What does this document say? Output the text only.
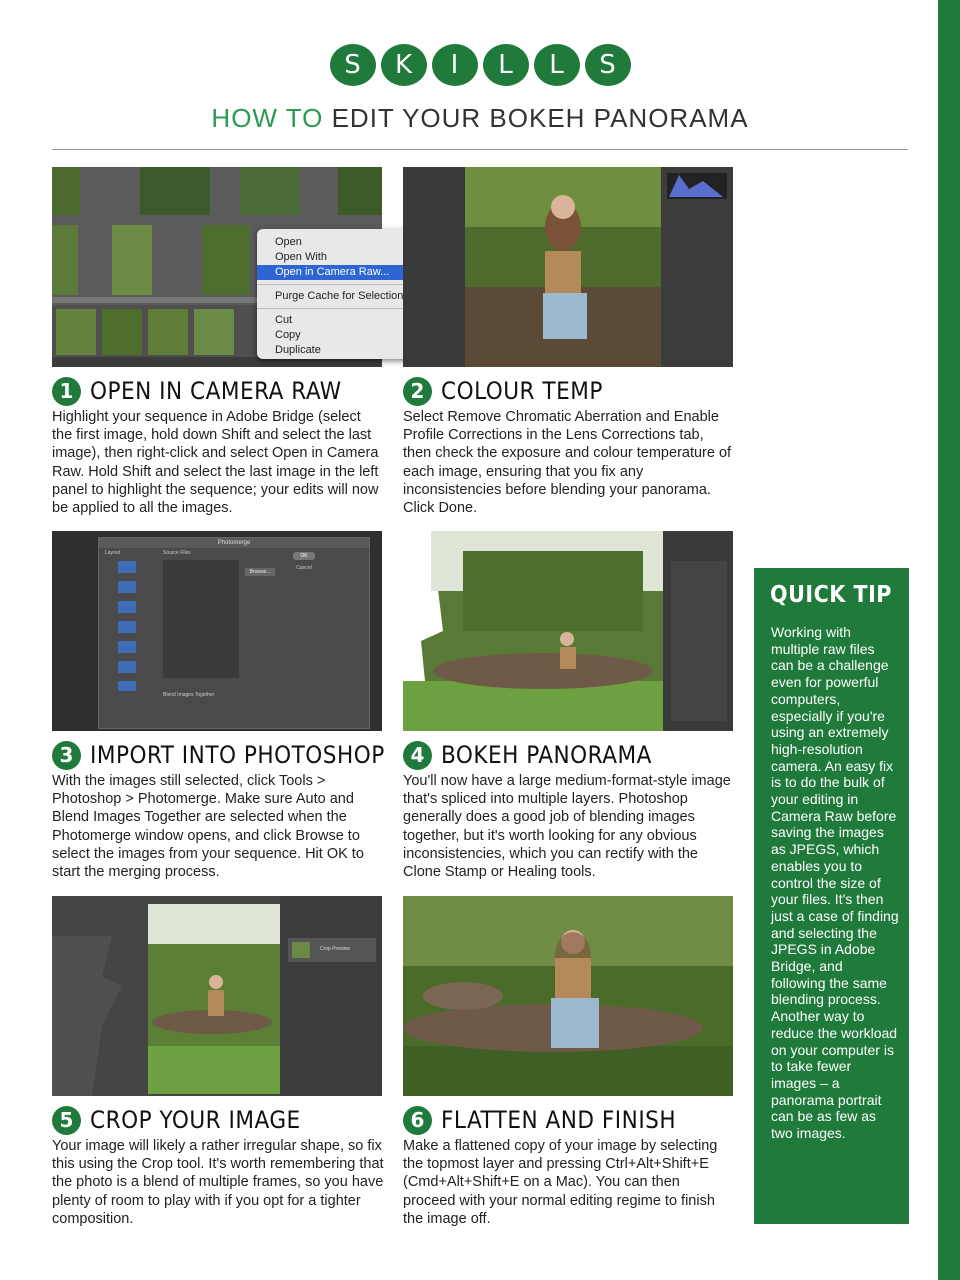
S	K	I	L	L	S
HOW TO EDIT YOUR BOKEH PANORAMA
Open
Open With
Open in Camera Raw...
Purge Cache for Selection
Cut
Copy
Duplicate
1 OPEN IN CAMERA RAW
Highlight your sequence in Adobe Bridge (select the first image, hold down Shift and select the last image), then right-click and select Open in Camera Raw. Hold Shift and select the last image in the left panel to highlight the sequence; your edits will now be applied to all the images.
2 COLOUR TEMP
Select Remove Chromatic Aberration and Enable Profile Corrections in the Lens Corrections tab, then check the exposure and colour temperature of each image, ensuring that you fix any inconsistencies before blending your panorama. Click Done.
Photomerge
Layout	Source Files
Browse...
OK
Cancel
Blend Images Together
3 IMPORT INTO PHOTOSHOP
With the images still selected, click Tools > Photoshop > Photomerge. Make sure Auto and Blend Images Together are selected when the Photomerge window opens, and click Browse to select the images from your sequence. Hit OK to start the merging process.
4 BOKEH PANORAMA
You'll now have a large medium-format-style image that's spliced into multiple layers. Photoshop generally does a good job of blending images together, but it's worth looking for any obvious inconsistencies, which you can rectify with the Clone Stamp or Healing tools.
Crop Preview
5 CROP YOUR IMAGE
Your image will likely a rather irregular shape, so fix this using the Crop tool. It's worth remembering that the photo is a blend of multiple frames, so you have plenty of room to play with if you opt for a tighter composition.
6 FLATTEN AND FINISH
Make a flattened copy of your image by selecting the topmost layer and pressing Ctrl+Alt+Shift+E (Cmd+Alt+Shift+E on a Mac). You can then proceed with your normal editing regime to finish the image off.
QUICK TIP
Working with multiple raw files can be a challenge even for powerful computers, especially if you're using an extremely high-resolution camera. An easy fix is to do the bulk of your editing in Camera Raw before saving the images as JPEGS, which enables you to control the size of your files. It's then just a case of finding and selecting the JPEGS in Adobe Bridge, and following the same blending process. Another way to reduce the workload on your computer is to take fewer images – a panorama portrait can be as few as two images.
